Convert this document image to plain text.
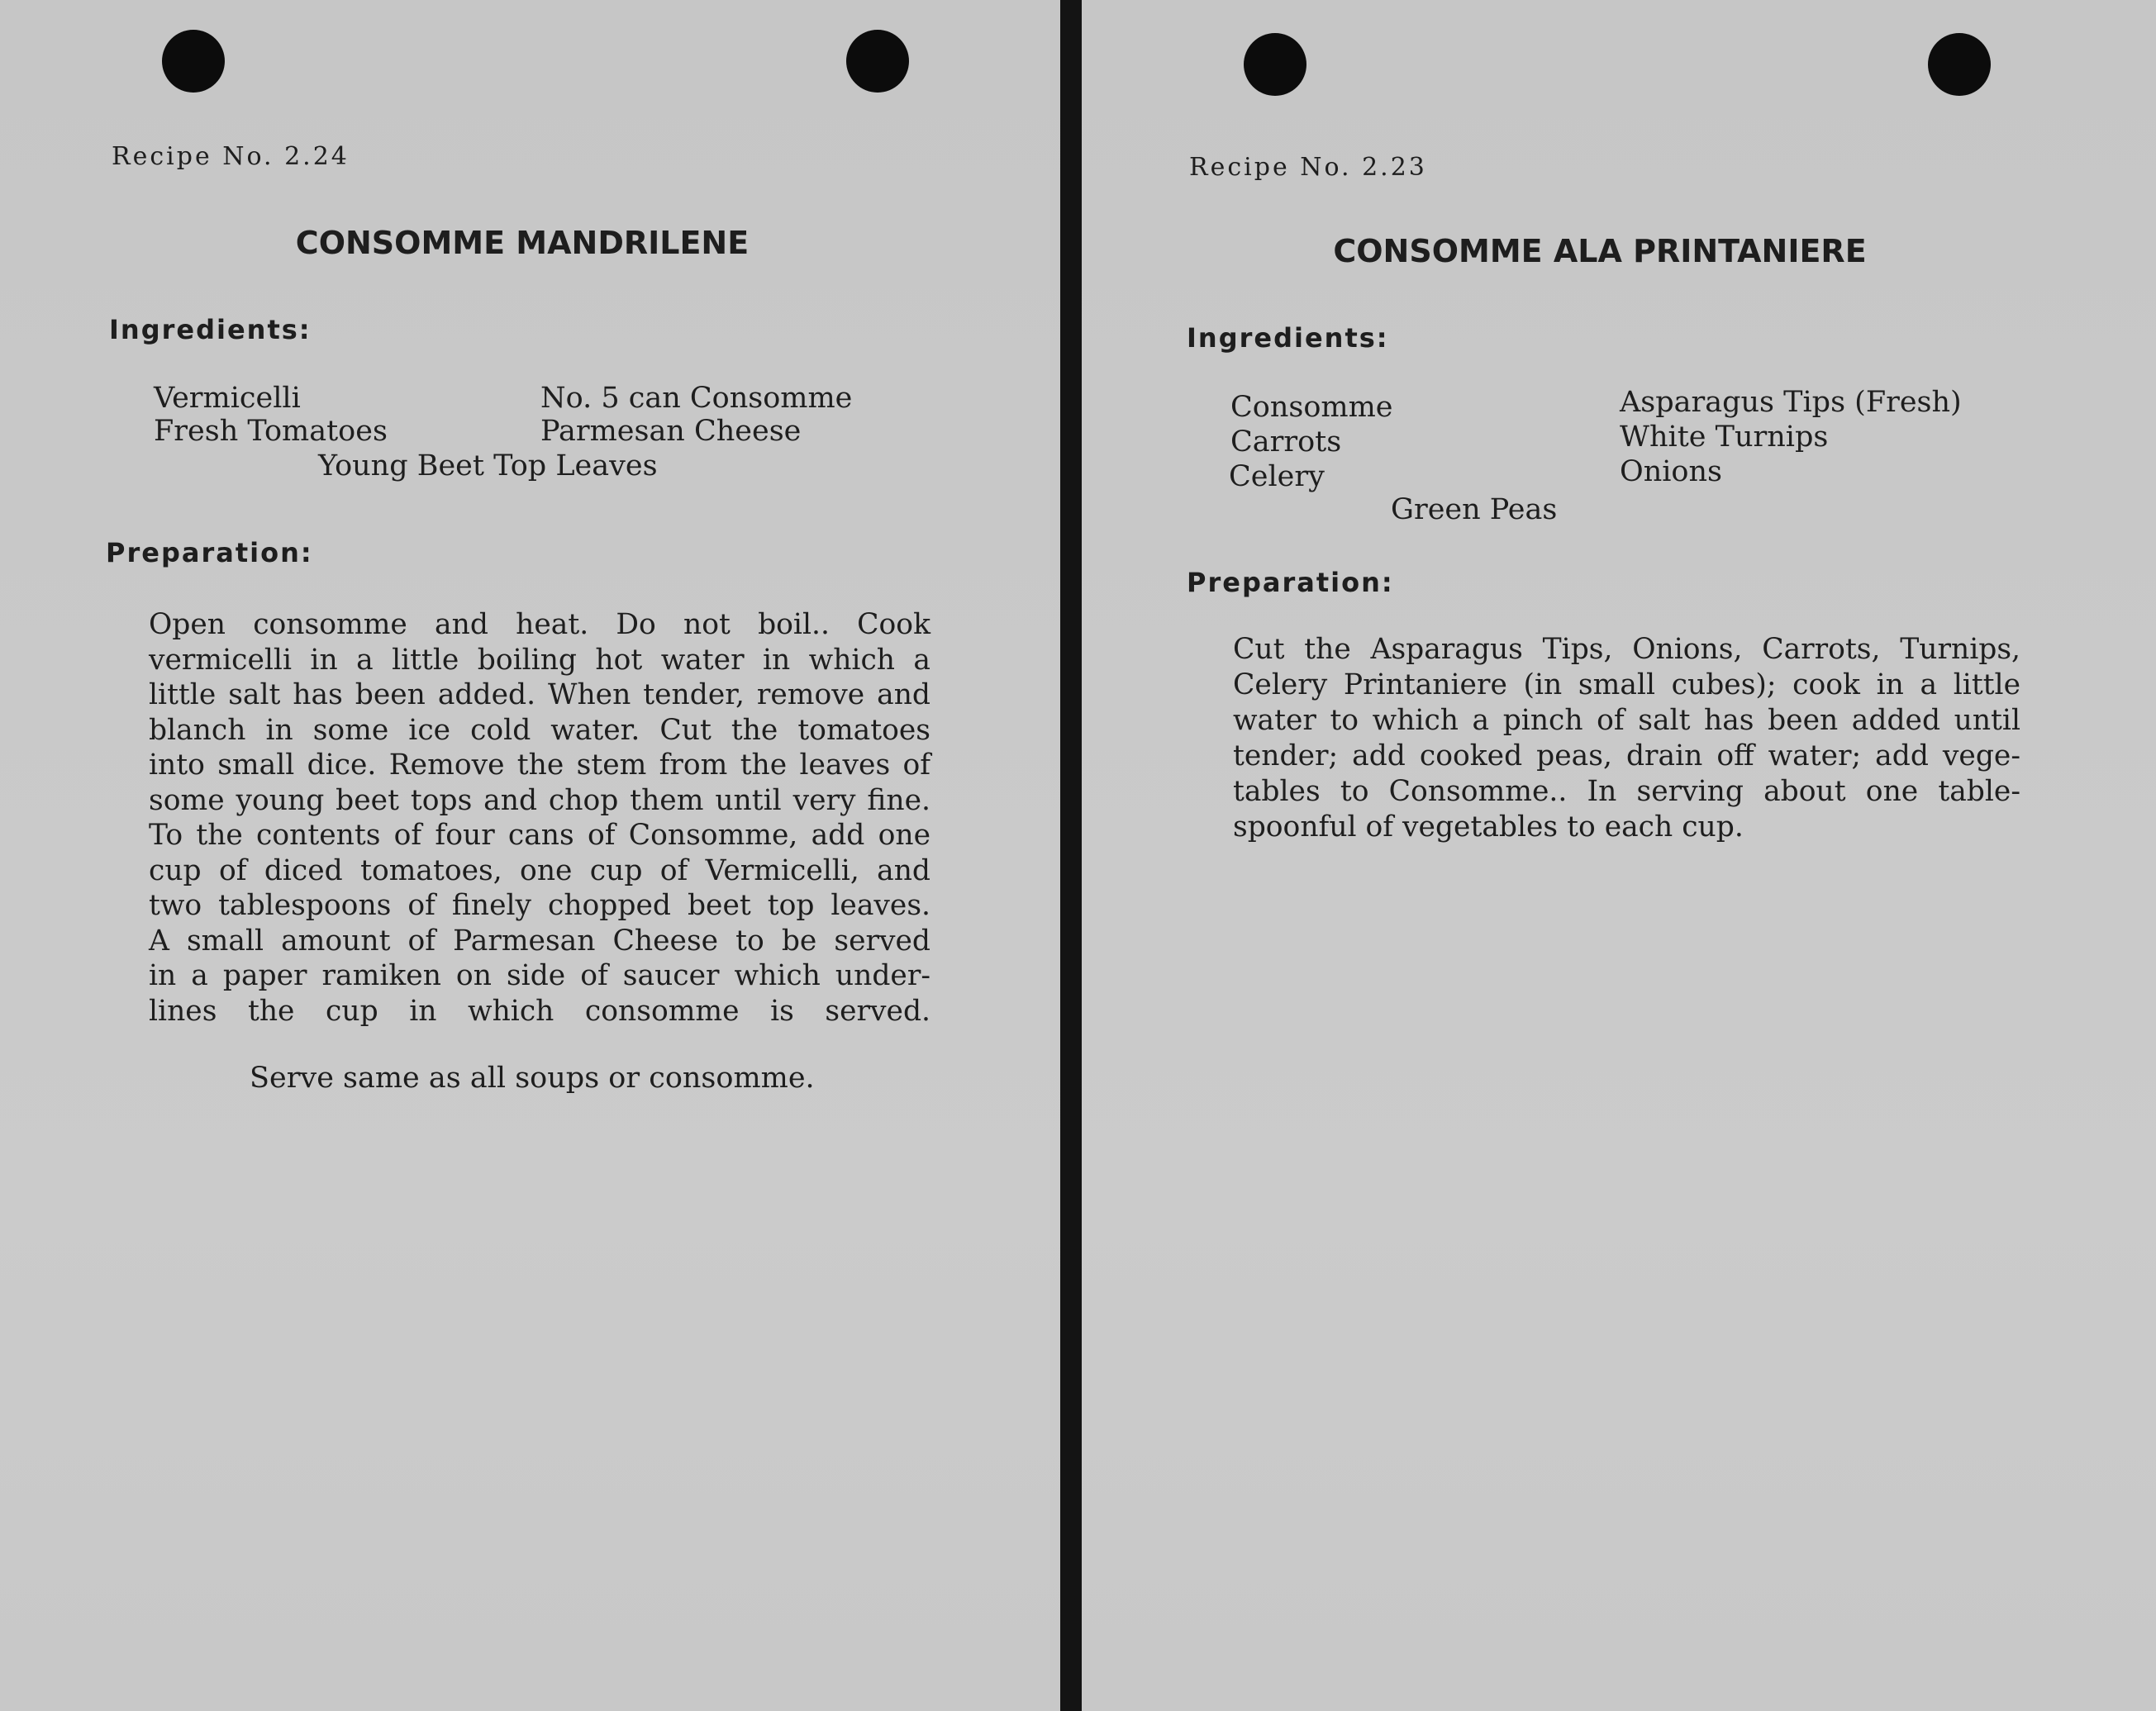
Recipe No. 2.24
CONSOMME MANDRILENE
Ingredients:
Vermicelli
Fresh Tomatoes
No. 5 can Consomme
Parmesan Cheese
Young Beet Top Leaves
Preparation:
Open consomme and heat. Do not boil.. Cook
vermicelli in a little boiling hot water in which a
little salt has been added. When tender, remove and
blanch in some ice cold water. Cut the tomatoes
into small dice. Remove the stem from the leaves of
some young beet tops and chop them until very fine.
To the contents of four cans of Consomme, add one
cup of diced tomatoes, one cup of Vermicelli, and
two tablespoons of finely chopped beet top leaves.
A small amount of Parmesan Cheese to be served
in a paper ramiken on side of saucer which under-
lines the cup in which consomme is served.
Serve same as all soups or consomme.
Recipe No. 2.23
CONSOMME ALA PRINTANIERE
Ingredients:
Consomme
Carrots
Celery
Asparagus Tips (Fresh)
White Turnips
Onions
Green Peas
Preparation:
Cut the Asparagus Tips, Onions, Carrots, Turnips,
Celery Printaniere (in small cubes); cook in a little
water to which a pinch of salt has been added until
tender; add cooked peas, drain off water; add vege-
tables to Consomme.. In serving about one table-
spoonful of vegetables to each cup.
